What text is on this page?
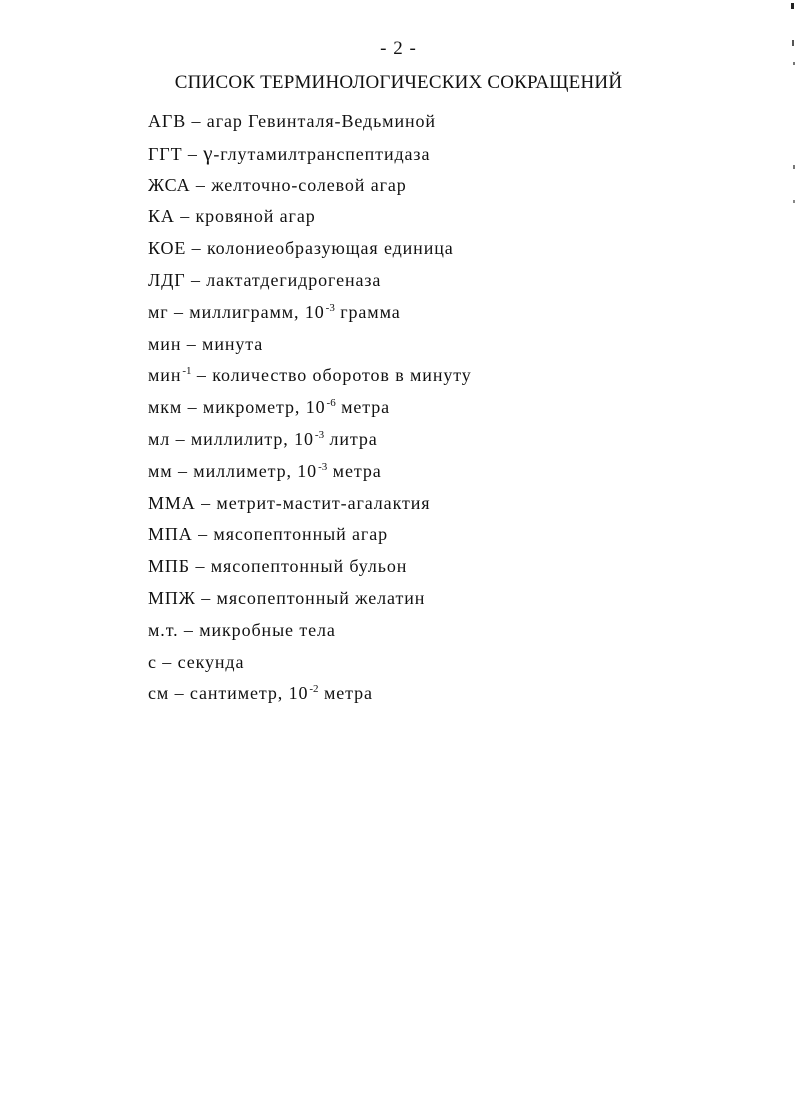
- 2 -
СПИСОК ТЕРМИНОЛОГИЧЕСКИХ СОКРАЩЕНИЙ
АГВ – агар Гевинталя-Ведьминой
ГГТ – γ-глутамилтранспептидаза
ЖСА – желточно-солевой агар
КА – кровяной агар
КОЕ – колониеобразующая единица
ЛДГ – лактатдегидрогеназа
мг – миллиграмм, $10^{-3}$ грамма
мин – минута
мин$^{-1}$ – количество оборотов в минуту
мкм – микрометр, $10^{-6}$ метра
мл – миллилитр, $10^{-3}$ литра
мм – миллиметр, $10^{-3}$ метра
ММА – метрит-мастит-агалактия
МПА – мясопептонный агар
МПБ – мясопептонный бульон
МПЖ – мясопептонный желатин
м.т. – микробные тела
с – секунда
см – сантиметр, $10^{-2}$ метра
